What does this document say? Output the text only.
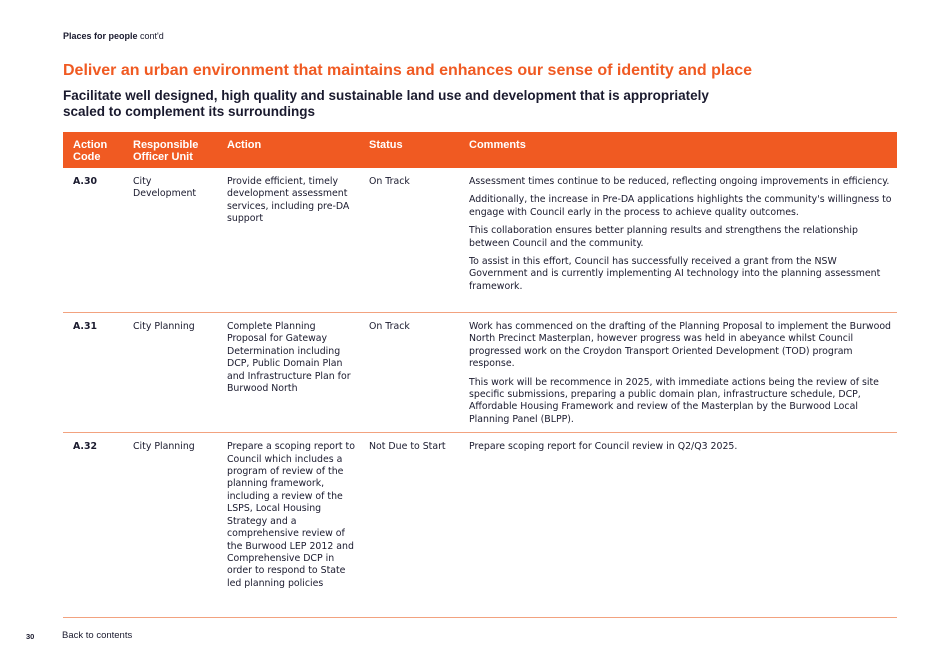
Places for people cont'd
Deliver an urban environment that maintains and enhances our sense of identity and place
Facilitate well designed, high quality and sustainable land use and development that is appropriately scaled to complement its surroundings
Action Code	Responsible Officer Unit	Action	Status	Comments
A.30	City Development	Provide efficient, timely development assessment services, including pre-DA support	On Track	Assessment times continue to be reduced, reflecting ongoing improvements in efficiency.

Additionally, the increase in Pre-DA applications highlights the community's willingness to engage with Council early in the process to achieve quality outcomes.

This collaboration ensures better planning results and strengthens the relationship between Council and the community.

To assist in this effort, Council has successfully received a grant from the NSW Government and is currently implementing AI technology into the planning assessment framework.

A.31	City Planning	Complete Planning Proposal for Gateway Determination including DCP, Public Domain Plan and Infrastructure Plan for Burwood North	On Track	Work has commenced on the drafting of the Planning Proposal to implement the Burwood North Precinct Masterplan, however progress was held in abeyance whilst Council progressed work on the Croydon Transport Oriented Development (TOD) program response.

This work will be recommence in 2025, with immediate actions being the review of site specific submissions, preparing a public domain plan, infrastructure schedule, DCP, Affordable Housing Framework and review of the Masterplan by the Burwood Local Planning Panel (BLPP).

A.32	City Planning	Prepare a scoping report to Council which includes a program of review of the planning framework, including a review of the LSPS, Local Housing Strategy and a comprehensive review of the Burwood LEP 2012 and Comprehensive DCP in order to respond to State led planning policies	Not Due to Start	Prepare scoping report for Council review in Q2/Q3 2025.

30	Back to contents
